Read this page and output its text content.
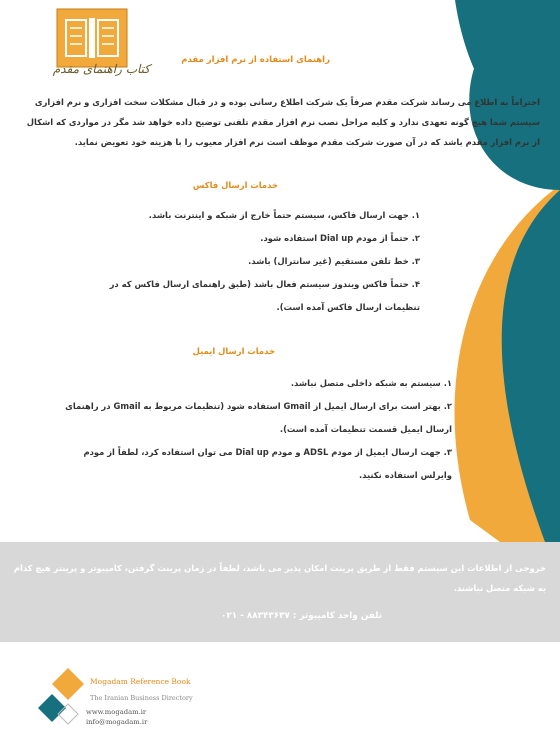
کتاب راهنمای مقدم
راهنمای استفاده از نرم افزار مقدم
احتراماً به اطلاع می رساند شرکت مقدم صرفاً یک شرکت اطلاع رسانی بوده و در قبال مشکلات سخت افزاری و نرم افزاری سیستم شما هیچ گونه تعهدی ندارد و کلیه مراحل نصب نرم افزار مقدم تلفنی توضیح داده خواهد شد مگر در مواردی که اشکال از نرم افزار مقدم باشد که در آن صورت شرکت مقدم موظف است نرم افزار معیوب را با هزینه خود تعویض نماید.
خدمات ارسال فاکس
۱. جهت ارسال فاکس، سیستم حتماً خارج از شبکه و اینترنت باشد.
۲. حتماً از مودم Dial up استفاده شود.
۳. خط تلفن مستقیم (غیر سانترال) باشد.
۴. حتماً فاکس ویندوز سیستم فعال باشد (طبق راهنمای ارسال فاکس که در تنظیمات ارسال فاکس آمده است).
خدمات ارسال ایمیل
۱. سیستم به شبکه داخلی متصل نباشد.
۲. بهتر است برای ارسال ایمیل از Gmail استفاده شود (تنظیمات مربوط به Gmail در راهنمای ارسال ایمیل قسمت تنظیمات آمده است).
۳. جهت ارسال ایمیل از مودم ADSL و مودم Dial up می توان استفاده کرد، لطفاً از مودم وایرلس استفاده نکنید.
خروجی از اطلاعات این سیستم فقط از طریق پرینت امکان پذیر می باشد، لطفاً در زمان پرینت گرفتن، کامپیوتر و پرینتر هیچ کدام به شبکه متصل نباشند.
تلفن واحد کامپیوتر : ۸۸۳۴۳۶۳۷ - ۰۲۱
Mogadam Reference Book
The Iranian Business Directory
www.mogadam.ir
info@mogadam.ir
